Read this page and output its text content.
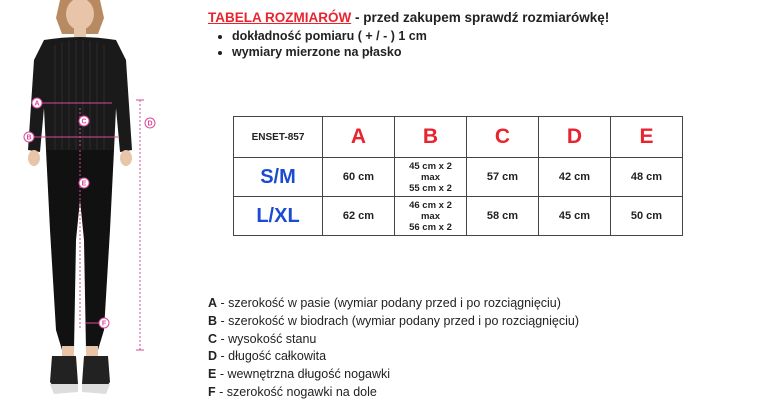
A
B
C	D
E
F
TABELA ROZMIARÓW - przed zakupem sprawdź rozmiarówkę!
• dokładność pomiaru ( + / - ) 1 cm
• wymiary mierzone na płasko
ENSET-857	A	B	C	D	E
S/M	60 cm	45 cm x 2
max
55 cm x 2	57 cm	42 cm	48 cm
L/XL	62 cm	46 cm x 2
max
56 cm x 2	58 cm	45 cm	50 cm
A - szerokość w pasie (wymiar podany przed i po rozciągnięciu)
B - szerokość w biodrach (wymiar podany przed i po rozciągnięciu)
C - wysokość stanu
D - długość całkowita
E - wewnętrzna długość nogawki
F - szerokość nogawki na dole
